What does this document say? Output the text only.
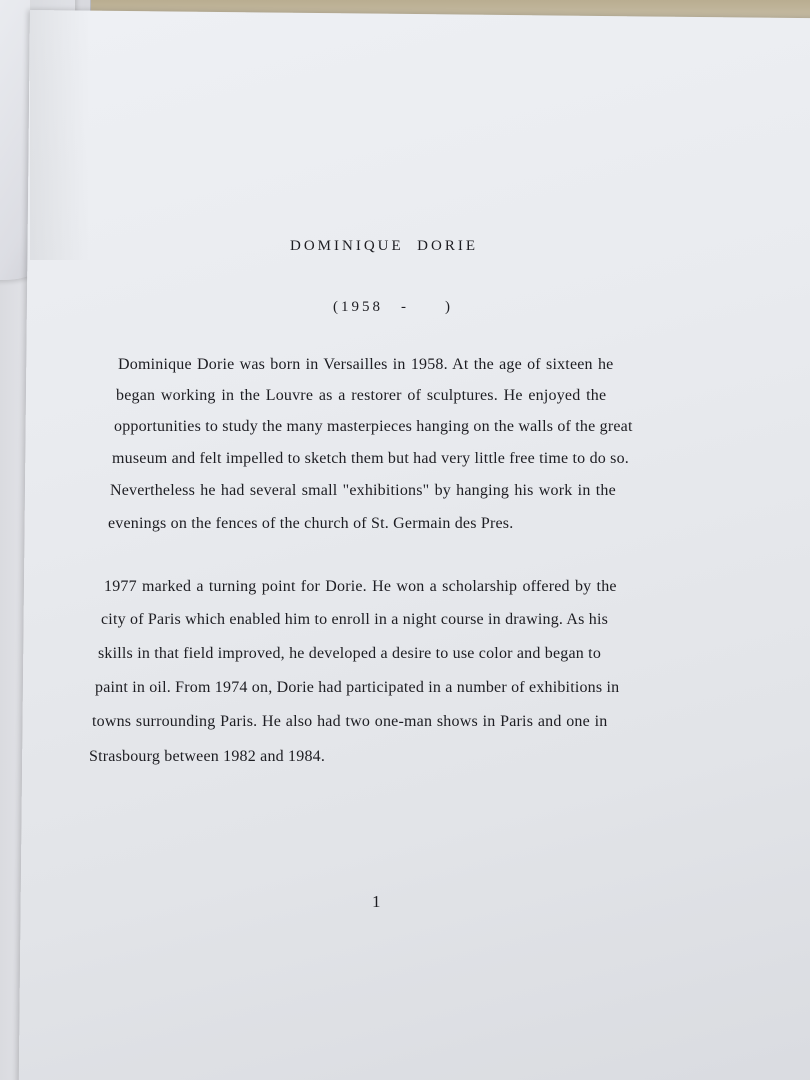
DOMINIQUE  DORIE
(1958 - )
Dominique Dorie was born in Versailles in 1958. At the age of sixteen he
began working in the Louvre as a restorer of sculptures. He enjoyed the
opportunities to study the many masterpieces hanging on the walls of the great
museum and felt impelled to sketch them but had very little free time to do so.
Nevertheless he had several small "exhibitions" by hanging his work in the
evenings on the fences of the church of St. Germain des Pres.
1977 marked a turning point for Dorie. He won a scholarship offered by the
city of Paris which enabled him to enroll in a night course in drawing. As his
skills in that field improved, he developed a desire to use color and began to
paint in oil. From 1974 on, Dorie had participated in a number of exhibitions in
towns surrounding Paris. He also had two one-man shows in Paris and one in
Strasbourg between 1982 and 1984.
1
